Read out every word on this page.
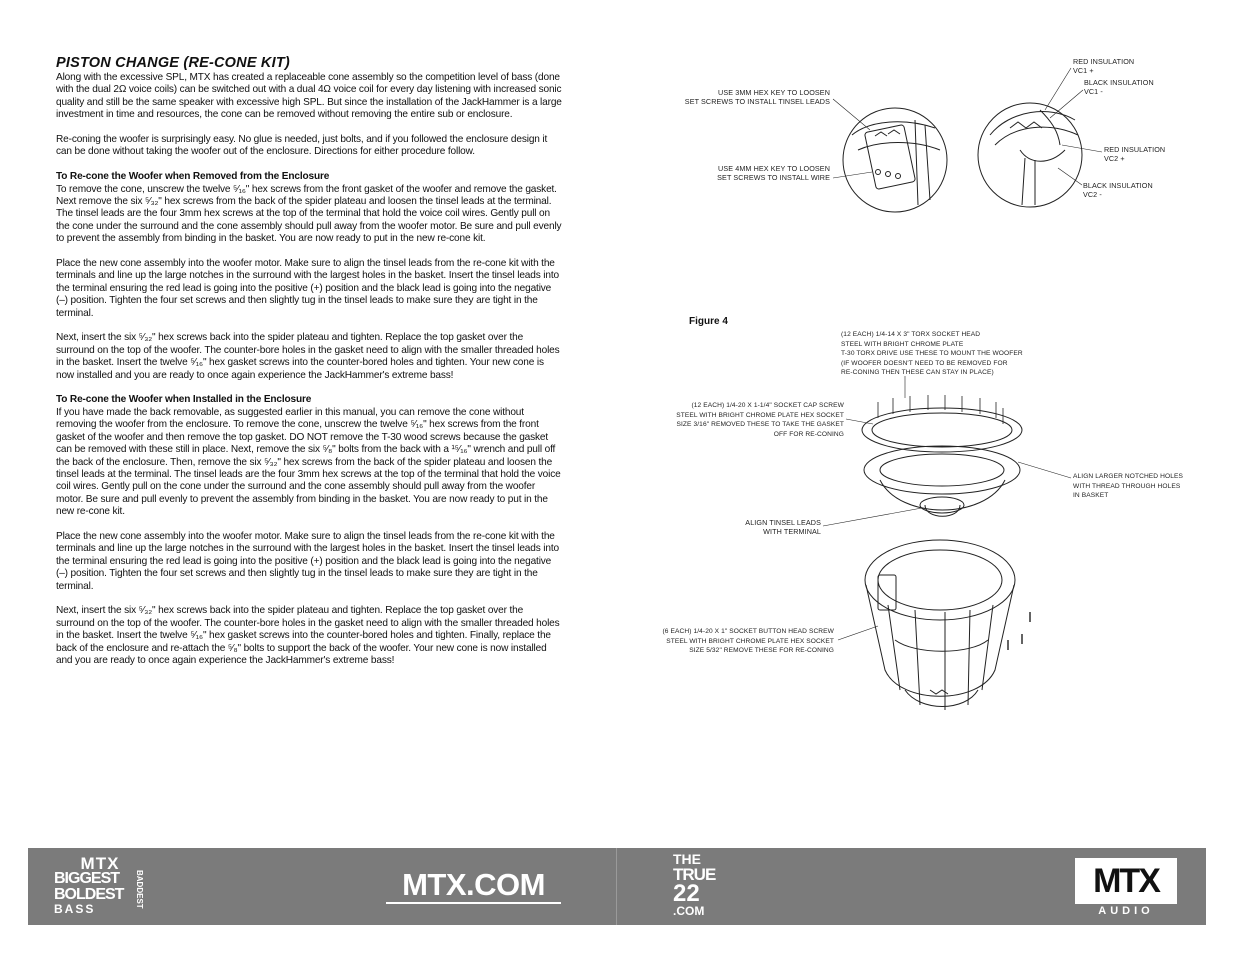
PISTON CHANGE (RE-CONE KIT)

Along with the excessive SPL, MTX has created a replaceable cone assembly so the competition level of bass (done with the dual 2Ω voice coils) can be switched out with a dual 4Ω voice coil for every day listening with increased sonic quality and still be the same speaker with excessive high SPL. But since the installation of the JackHammer is a large investment in time and resources, the cone can be removed without removing the entire sub or enclosure.

Re-coning the woofer is surprisingly easy. No glue is needed, just bolts, and if you followed the enclosure design it can be done without taking the woofer out of the enclosure. Directions for either procedure follow.

To Re-cone the Woofer when Removed from the Enclosure

To remove the cone, unscrew the twelve ⁵⁄₁₆" hex screws from the front gasket of the woofer and remove the gasket. Next remove the six ⁵⁄₃₂" hex screws from the back of the spider plateau and loosen the tinsel leads at the terminal. The tinsel leads are the four 3mm hex screws at the top of the terminal that hold the voice coil wires. Gently pull on the cone under the surround and the cone assembly should pull away from the woofer motor. Be sure and pull evenly to prevent the assembly from binding in the basket. You are now ready to put in the new re-cone kit.

Place the new cone assembly into the woofer motor. Make sure to align the tinsel leads from the re-cone kit with the terminals and line up the large notches in the surround with the largest holes in the basket. Insert the tinsel leads into the terminal ensuring the red lead is going into the positive (+) position and the black lead is going into the negative (–) position. Tighten the four set screws and then slightly tug in the tinsel leads to make sure they are tight in the terminal.

Next, insert the six ⁵⁄₃₂" hex screws back into the spider plateau and tighten. Replace the top gasket over the surround on the top of the woofer. The counter-bore holes in the gasket need to align with the smaller threaded holes in the basket. Insert the twelve ⁵⁄₁₆" hex gasket screws into the counter-bored holes and tighten. Your new cone is now installed and you are ready to once again experience the JackHammer's extreme bass!

To Re-cone the Woofer when Installed in the Enclosure

If you have made the back removable, as suggested earlier in this manual, you can remove the cone without removing the woofer from the enclosure. To remove the cone, unscrew the twelve ⁵⁄₁₆" hex screws from the front gasket of the woofer and then remove the top gasket. DO NOT remove the T-30 wood screws because the gasket can be removed with these still in place. Next, remove the six ⁵⁄₈" bolts from the back with a ¹⁵⁄₁₆" wrench and pull off the back of the enclosure. Then, remove the six ⁵⁄₃₂" hex screws from the back of the spider plateau and loosen the tinsel leads at the terminal. The tinsel leads are the four 3mm hex screws at the top of the terminal that hold the voice coil wires. Gently pull on the cone under the surround and the cone assembly should pull away from the woofer motor. Be sure and pull evenly to prevent the assembly from binding in the basket. You are now ready to put in the new re-cone kit.

Place the new cone assembly into the woofer motor. Make sure to align the tinsel leads from the re-cone kit with the terminals and line up the large notches in the surround with the largest holes in the basket. Insert the tinsel leads into the terminal ensuring the red lead is going into the positive (+) position and the black lead is going into the negative (–) position. Tighten the four set screws and then slightly tug in the tinsel leads to make sure they are tight in the terminal.

Next, insert the six ⁵⁄₃₂" hex screws back into the spider plateau and tighten. Replace the top gasket over the surround on the top of the woofer. The counter-bore holes in the gasket need to align with the smaller threaded holes in the basket. Insert the twelve ⁵⁄₁₆" hex gasket screws into the counter-bored holes and tighten. Finally, replace the back of the enclosure and re-attach the ⁵⁄₈" bolts to support the back of the woofer. Your new cone is now installed and you are ready to once again experience the JackHammer's extreme bass!

USE 3MM HEX KEY TO LOOSEN
SET SCREWS TO INSTALL TINSEL LEADS
USE 4MM HEX KEY TO LOOSEN
SET SCREWS TO INSTALL WIRE
RED INSULATION
VC1 +
BLACK INSULATION
VC1 -
RED INSULATION
VC2 +
BLACK INSULATION
VC2 -
Figure 4
(12 EACH) 1/4-14 X 3" TORX SOCKET HEAD
STEEL WITH BRIGHT CHROME PLATE
T-30 TORX DRIVE USE THESE TO MOUNT THE WOOFER
(IF WOOFER DOESN'T NEED TO BE REMOVED FOR
RE-CONING THEN THESE CAN STAY IN PLACE)
(12 EACH) 1/4-20 X 1-1/4" SOCKET CAP SCREW
STEEL WITH BRIGHT CHROME PLATE HEX SOCKET
SIZE 3/16" REMOVED THESE TO TAKE THE GASKET
OFF FOR RE-CONING
ALIGN LARGER NOTCHED HOLES
WITH THREAD THROUGH HOLES
IN BASKET
ALIGN TINSEL LEADS
WITH TERMINAL
(6 EACH) 1/4-20 X 1" SOCKET BUTTON HEAD SCREW
STEEL WITH BRIGHT CHROME PLATE HEX SOCKET
SIZE 5/32" REMOVE THESE FOR RE-CONING
MTX
BIGGEST
BOLDEST	BADDEST
BASS
MTX.COM
THE
TRUE
22
.COM
MTX
AUDIO
